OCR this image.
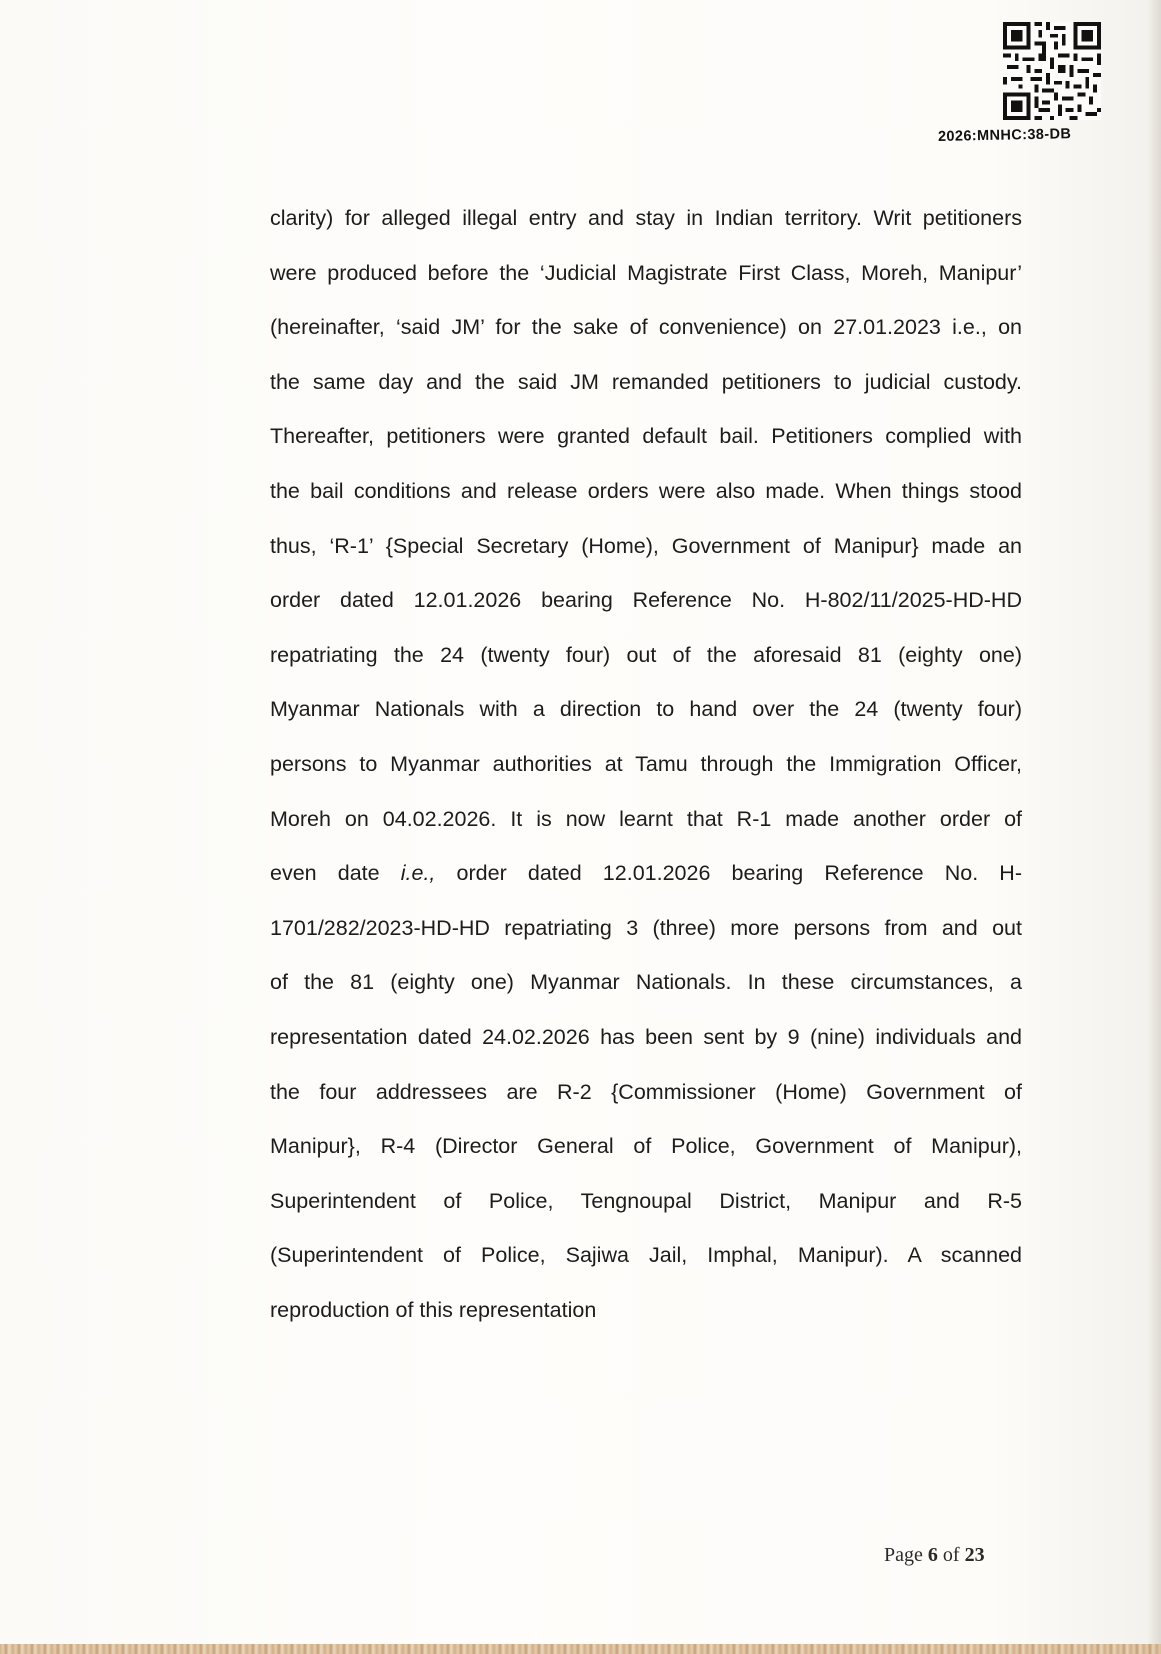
2026:MNHC:38-DB
clarity) for alleged illegal entry and stay in Indian territory. Writ petitioners
were produced before the ‘Judicial Magistrate First Class, Moreh, Manipur’
(hereinafter, ‘said JM’ for the sake of convenience) on 27.01.2023 i.e., on
the same day and the said JM remanded petitioners to judicial custody.
Thereafter, petitioners were granted default bail. Petitioners complied with
the bail conditions and release orders were also made. When things stood
thus, ‘R-1’ {Special Secretary (Home), Government of Manipur} made an
order dated 12.01.2026 bearing Reference No. H-802/11/2025-HD-HD
repatriating the 24 (twenty four) out of the aforesaid 81 (eighty one)
Myanmar Nationals with a direction to hand over the 24 (twenty four)
persons to Myanmar authorities at Tamu through the Immigration Officer,
Moreh on 04.02.2026. It is now learnt that R-1 made another order of
even date i.e., order dated 12.01.2026 bearing Reference No. H-
1701/282/2023-HD-HD repatriating 3 (three) more persons from and out
of the 81 (eighty one) Myanmar Nationals. In these circumstances, a
representation dated 24.02.2026 has been sent by 9 (nine) individuals and
the four addressees are R-2 {Commissioner (Home) Government of
Manipur}, R-4 (Director General of Police, Government of Manipur),
Superintendent of Police, Tengnoupal District, Manipur and R-5
(Superintendent of Police, Sajiwa Jail, Imphal, Manipur). A scanned
reproduction of this representation
Page 6 of 23
